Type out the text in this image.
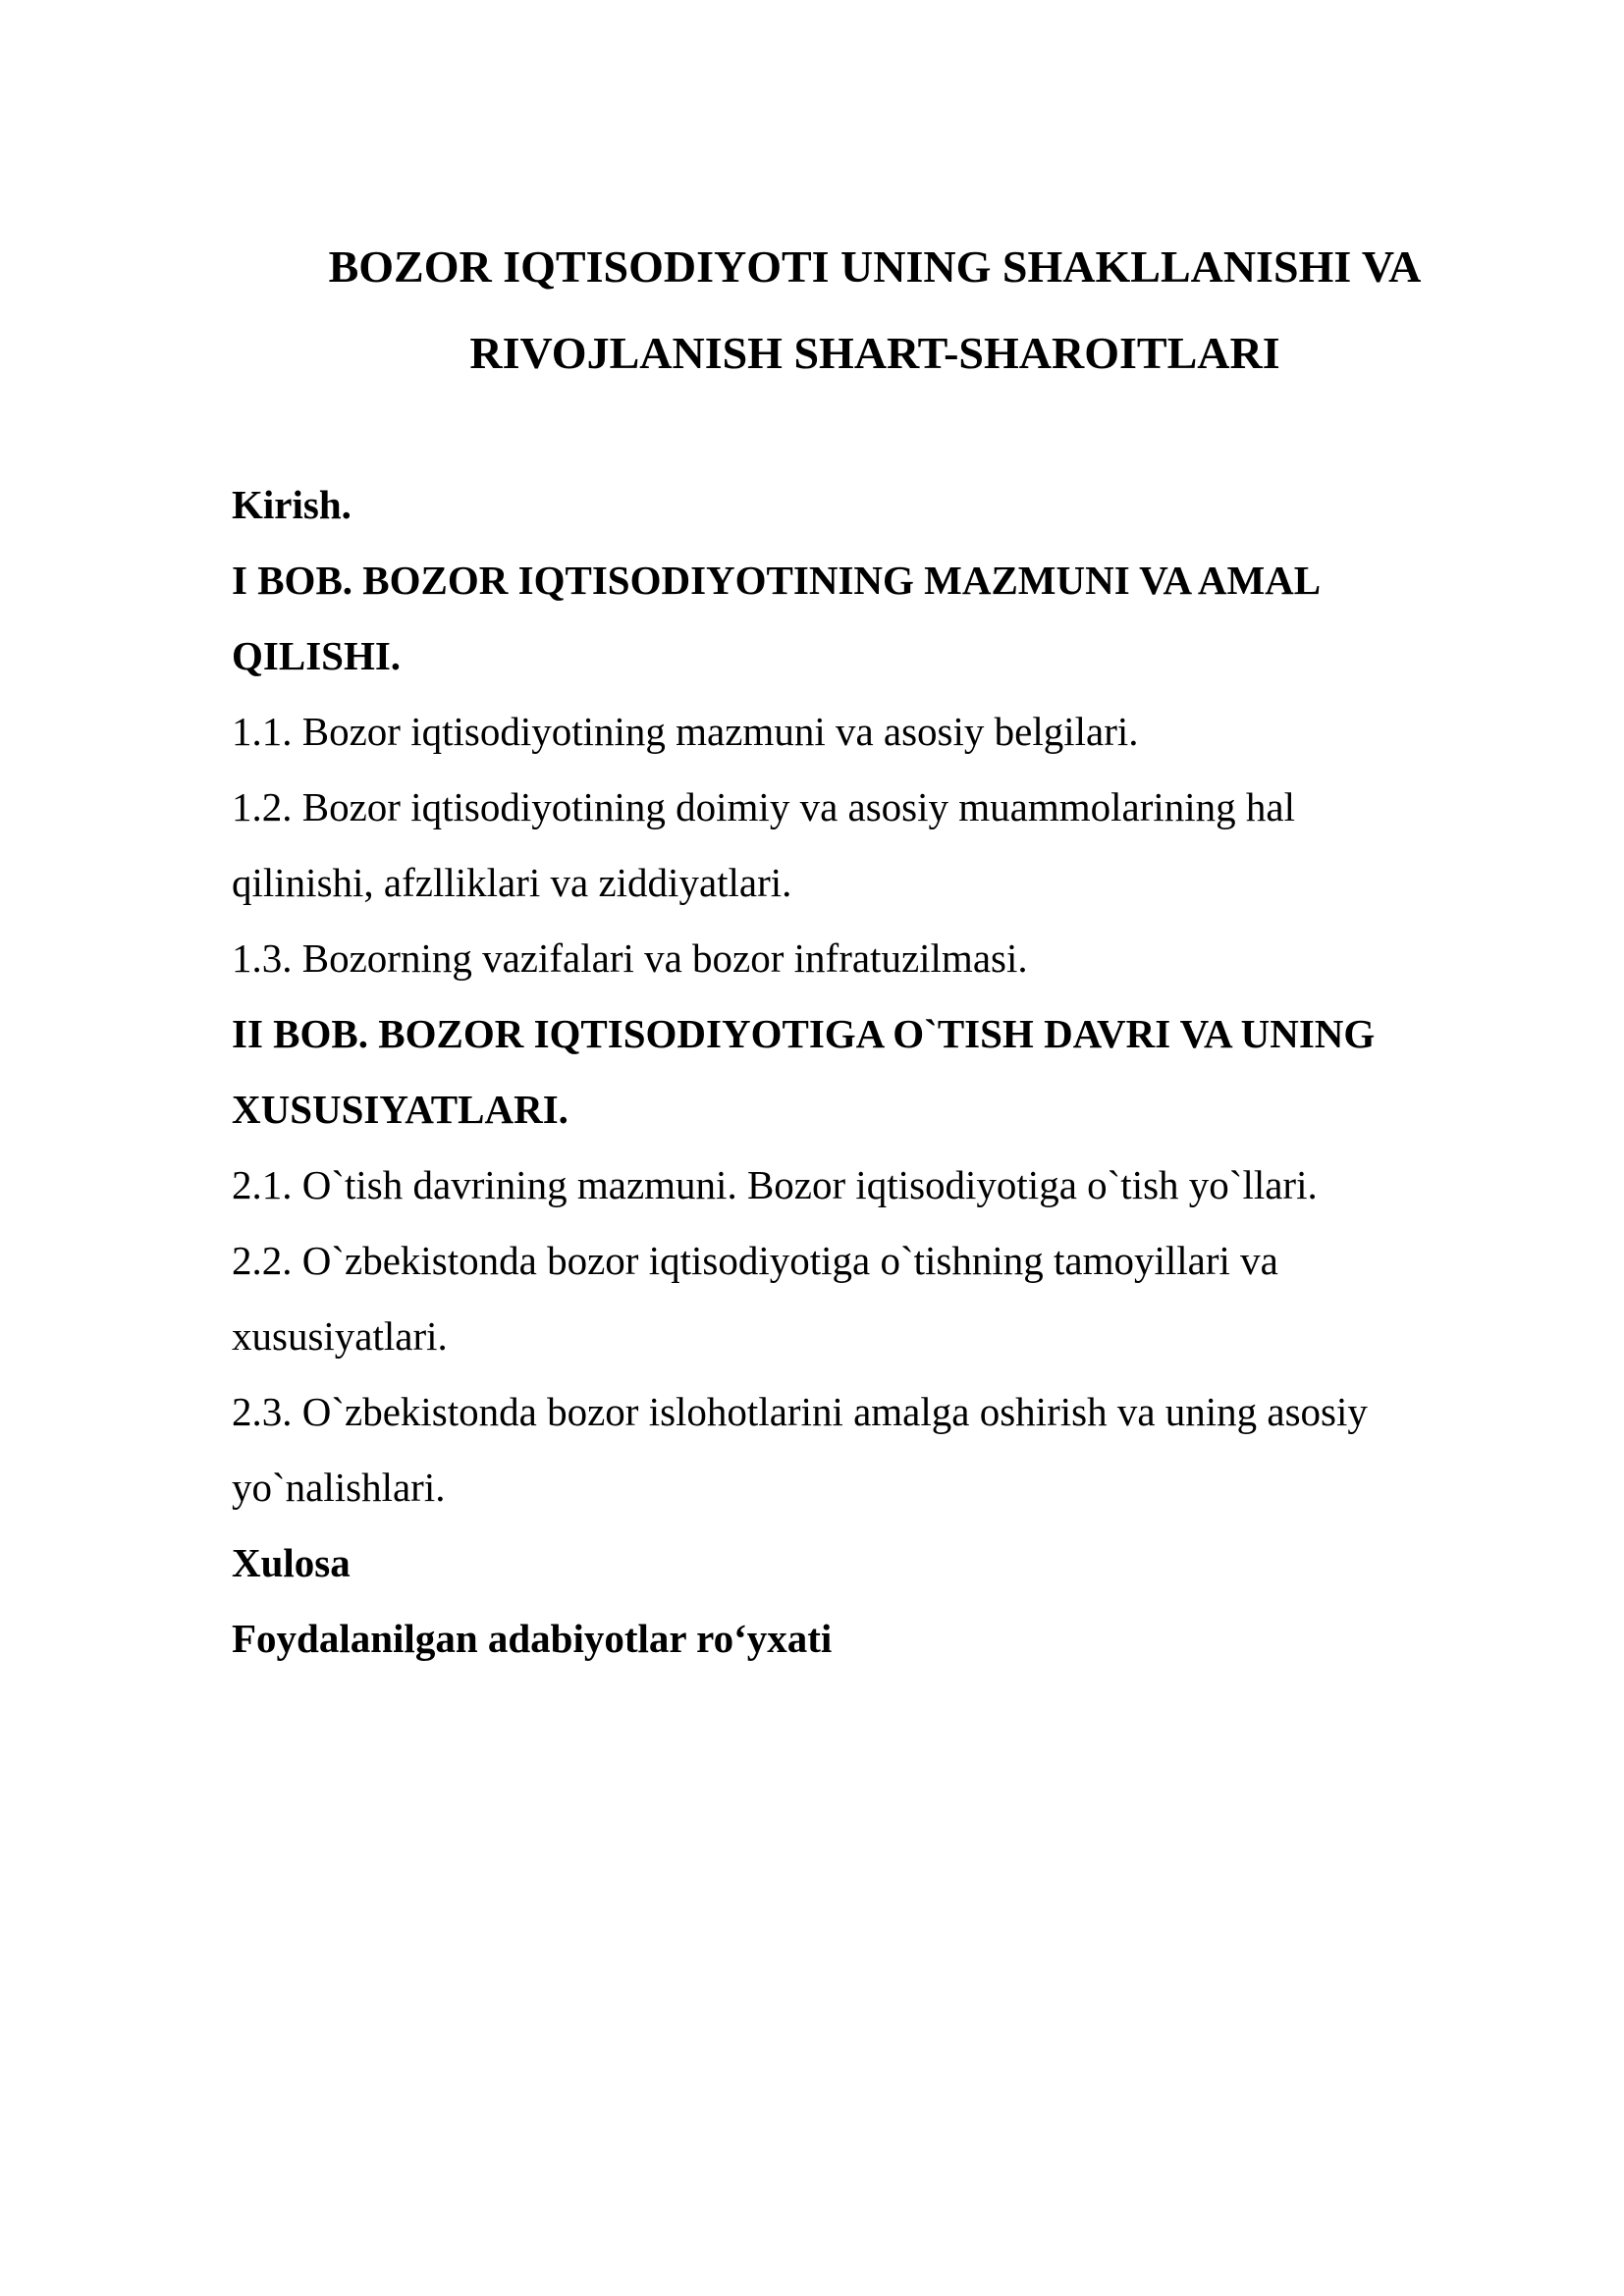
BOZOR IQTISODIYOTI UNING SHAKLLANISHI VA
RIVOJLANISH SHART-SHAROITLARI
Kirish.
I BOB. BOZOR IQTISODIYOTINING MAZMUNI VA AMAL
QILISHI.
1.1. Bozor iqtisodiyotining mazmuni va asosiy belgilari.
1.2. Bozor iqtisodiyotining doimiy va asosiy muammolarining hal
qilinishi, afzlliklari va ziddiyatlari.
1.3. Bozorning vazifalari va bozor infratuzilmasi.
II BOB. BOZOR IQTISODIYOTIGA O`TISH DAVRI VA UNING
XUSUSIYATLARI.
2.1. O`tish davrining mazmuni. Bozor iqtisodiyotiga o`tish yo`llari.
2.2. O`zbekistonda bozor iqtisodiyotiga o`tishning tamoyillari va
xususiyatlari.
2.3. O`zbekistonda bozor islohotlarini amalga oshirish va uning asosiy
yo`nalishlari.
Xulosa
Foydalanilgan adabiyotlar ro‘yxati
